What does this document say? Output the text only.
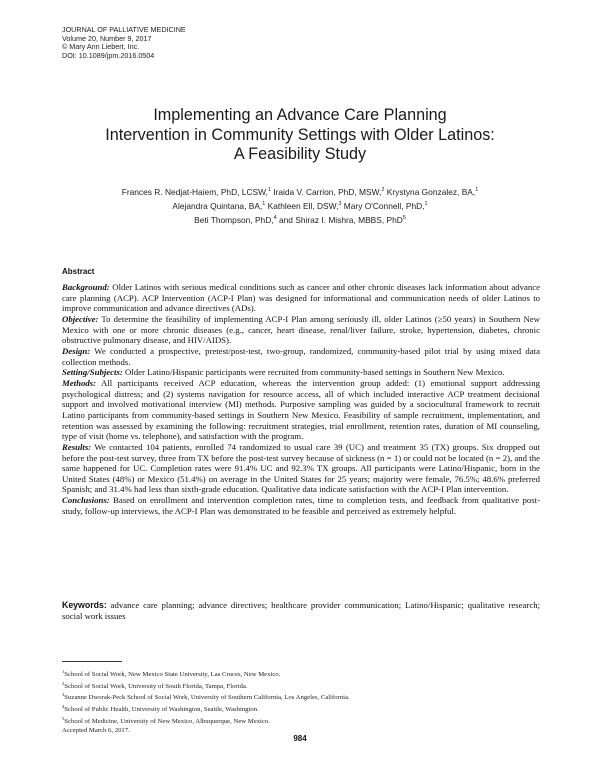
JOURNAL OF PALLIATIVE MEDICINE
Volume 20, Number 9, 2017
© Mary Ann Liebert, Inc.
DOI: 10.1089/jpm.2016.0504
Implementing an Advance Care Planning
Intervention in Community Settings with Older Latinos:
A Feasibility Study
Frances R. Nedjat-Haiem, PhD, LCSW,$^1$ Iraida V. Carrion, PhD, MSW,$^2$ Krystyna Gonzalez, BA,$^1$
Alejandra Quintana, BA,$^1$ Kathleen Ell, DSW,$^3$ Mary O'Connell, PhD,$^1$
Beti Thompson, PhD,$^4$ and Shiraz I. Mishra, MBBS, PhD$^5$
Abstract

Background: Older Latinos with serious medical conditions such as cancer and other chronic diseases lack information about advance care planning (ACP). ACP Intervention (ACP-I Plan) was designed for informational and communication needs of older Latinos to improve communication and advance directives (ADs).

Objective: To determine the feasibility of implementing ACP-I Plan among seriously ill, older Latinos (≥50 years) in Southern New Mexico with one or more chronic diseases (e.g., cancer, heart disease, renal/liver failure, stroke, hypertension, diabetes, chronic obstructive pulmonary disease, and HIV/AIDS).

Design: We conducted a prospective, pretest/post-test, two-group, randomized, community-based pilot trial by using mixed data collection methods.

Setting/Subjects: Older Latino/Hispanic participants were recruited from community-based settings in Southern New Mexico.

Methods: All participants received ACP education, whereas the intervention group added: (1) emotional support addressing psychological distress; and (2) systems navigation for resource access, all of which included interactive ACP treatment decisional support and involved motivational interview (MI) methods. Purposive sampling was guided by a sociocultural framework to recruit Latino participants from community-based settings in Southern New Mexico. Feasibility of sample recruitment, implementation, and retention was assessed by examining the following: recruitment strategies, trial enrollment, retention rates, duration of MI counseling, type of visit (home vs. telephone), and satisfaction with the program.

Results: We contacted 104 patients, enrolled 74 randomized to usual care 39 (UC) and treatment 35 (TX) groups. Six dropped out before the post-test survey, three from TX before the post-test survey because of sickness (n = 1) or could not be located (n = 2), and the same happened for UC. Completion rates were 91.4% UC and 92.3% TX groups. All participants were Latino/Hispanic, born in the United States (48%) or Mexico (51.4%) on average in the United States for 25 years; majority were female, 76.5%; 48.6% preferred Spanish; and 31.4% had less than sixth-grade education. Qualitative data indicate satisfaction with the ACP-I Plan intervention.

Conclusions: Based on enrollment and intervention completion rates, time to completion tests, and feedback from qualitative post-study, follow-up interviews, the ACP-I Plan was demonstrated to be feasible and perceived as extremely helpful.

Keywords: advance care planning; advance directives; healthcare provider communication; Latino/Hispanic; qualitative research; social work issues
$^1$School of Social Work, New Mexico State University, Las Cruces, New Mexico.
$^2$School of Social Work, University of South Florida, Tampa, Florida.
$^3$Suzanne Dworak-Peck School of Social Work, University of Southern California, Los Angeles, California.
$^4$School of Public Health, University of Washington, Seattle, Washington.
$^5$School of Medicine, University of New Mexico, Albuquerque, New Mexico.
Accepted March 6, 2017.
984
